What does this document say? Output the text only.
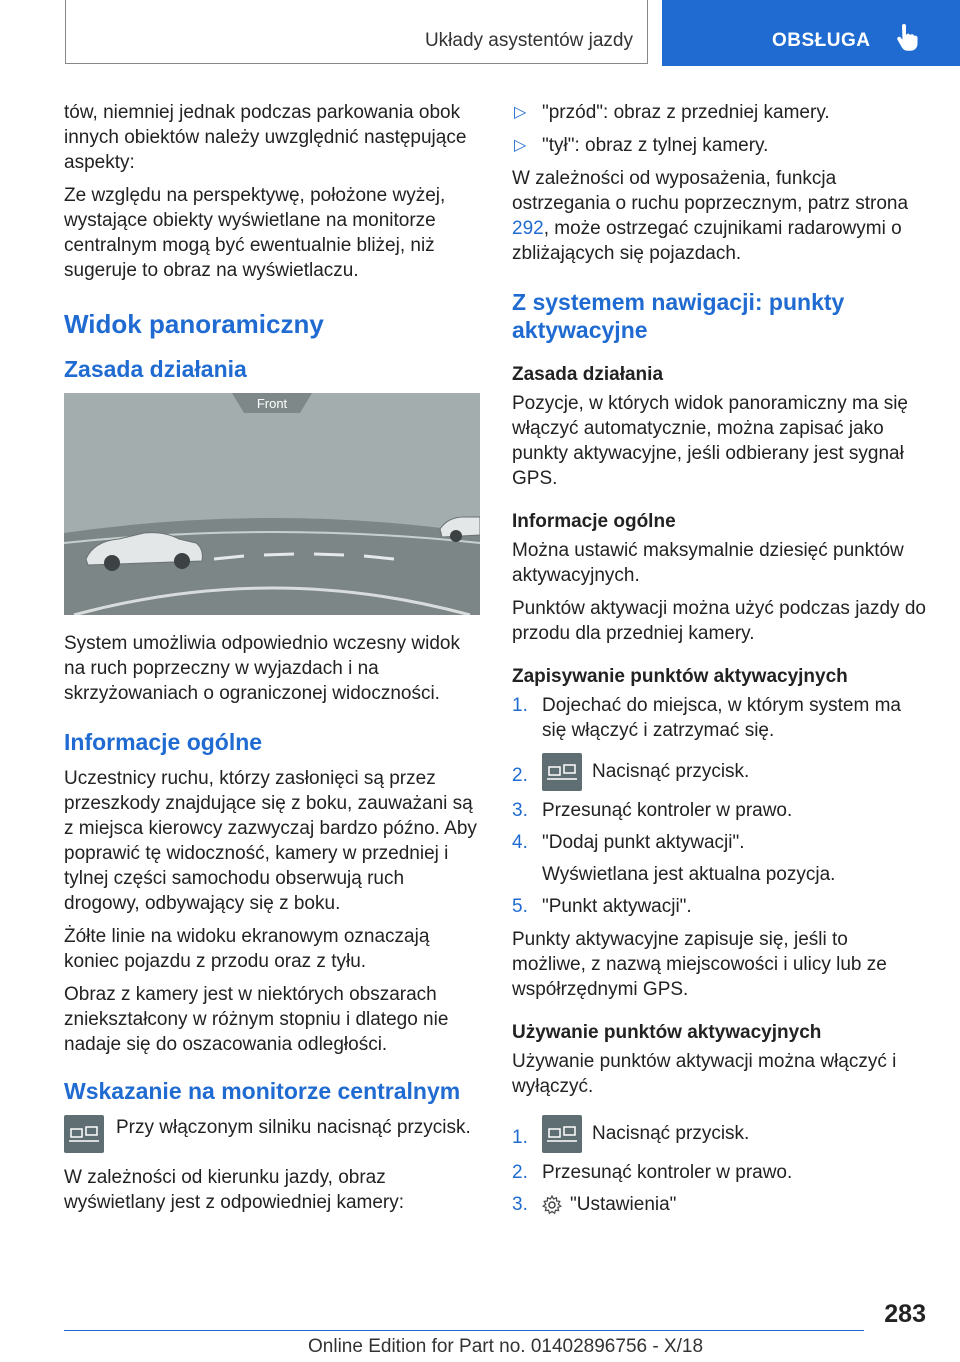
Układy asystentów jazdy	OBSŁUGA

tów, niemniej jednak podczas parkowania obok innych obiektów należy uwzględnić następujące aspekty:

Ze względu na perspektywę, położone wyżej, wystające obiekty wyświetlane na monitorze centralnym mogą być ewentualnie bliżej, niż sugeruje to obraz na wyświetlaczu.

Widok panoramiczny
Zasada działania
Front

System umożliwia odpowiednio wczesny widok na ruch poprzeczny w wyjazdach i na skrzyżowaniach o ograniczonej widoczności.

Informacje ogólne

Uczestnicy ruchu, którzy zasłonięci są przez przeszkody znajdujące się z boku, zauważani są z miejsca kierowcy zazwyczaj bardzo późno. Aby poprawić tę widoczność, kamery w przedniej i tylnej części samochodu obserwują ruch drogowy, odbywający się z boku.

Żółte linie na widoku ekranowym oznaczają koniec pojazdu z przodu oraz z tyłu.

Obraz z kamery jest w niektórych obszarach zniekształcony w różnym stopniu i dlatego nie nadaje się do oszacowania odległości.

Wskazanie na monitorze centralnym
Przy włączonym silniku nacisnąć przycisk.

W zależności od kierunku jazdy, obraz wyświetlany jest z odpowiedniej kamery:

▷ "przód": obraz z przedniej kamery.
▷ "tył": obraz z tylnej kamery.

W zależności od wyposażenia, funkcja ostrzegania o ruchu poprzecznym, patrz strona 292, może ostrzegać czujnikami radarowymi o zbliżających się pojazdach.

Z systemem nawigacji: punkty aktywacyjne
Zasada działania

Pozycje, w których widok panoramiczny ma się włączyć automatycznie, można zapisać jako punkty aktywacyjne, jeśli odbierany jest sygnał GPS.

Informacje ogólne

Można ustawić maksymalnie dziesięć punktów aktywacyjnych.

Punktów aktywacji można użyć podczas jazdy do przodu dla przedniej kamery.

Zapisywanie punktów aktywacyjnych
1. Dojechać do miejsca, w którym system ma się włączyć i zatrzymać się.
2.	Nacisnąć przycisk.
3. Przesunąć kontroler w prawo.
4. "Dodaj punkt aktywacji".
Wyświetlana jest aktualna pozycja.
5. "Punkt aktywacji".

Punkty aktywacyjne zapisuje się, jeśli to możliwe, z nazwą miejscowości i ulicy lub ze współrzędnymi GPS.

Używanie punktów aktywacyjnych

Używanie punktów aktywacji można włączyć i wyłączyć.

1.	Nacisnąć przycisk.
2. Przesunąć kontroler w prawo.
3. "Ustawienia"
283
Online Edition for Part no. 01402896756 - X/18
